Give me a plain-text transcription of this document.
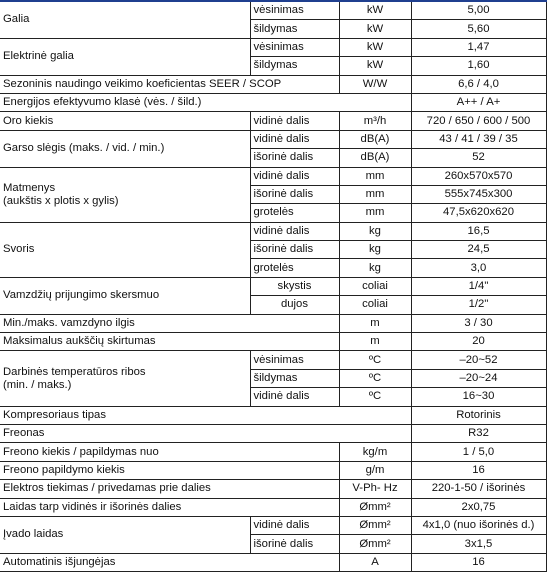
Galia	vėsinimas	kW	5,00
	šildymas	kW	5,60
Elektrinė galia	vėsinimas	kW	1,47
	šildymas	kW	1,60
Sezoninis naudingo veikimo koeficientas SEER / SCOP		W/W	6,6 / 4,0
Energijos efektyvumo klasė (vės. / šild.)			A++ / A+
Oro kiekis	vidinė dalis	m³/h	720 / 650 / 600 / 500
Garso slėgis (maks. / vid. / min.)	vidinė dalis	dB(A)	43 / 41 / 39 / 35
	išorinė dalis	dB(A)	52
Matmenys
(aukštis x plotis x gylis)	vidinė dalis	mm	260x570x570
	išorinė dalis	mm	555x745x300
	grotelės	mm	47,5x620x620
Svoris	vidinė dalis	kg	16,5
	išorinė dalis	kg	24,5
	grotelės	kg	3,0
Vamzdžių prijungimo skersmuo	skystis	coliai	1/4"
	dujos	coliai	1/2"
Min./maks. vamzdyno ilgis		m	3 / 30
Maksimalus aukščių skirtumas		m	20
Darbinės temperatūros ribos
(min. / maks.)	vėsinimas	ºC	–20~52
	šildymas	ºC	–20~24
	vidinė dalis	ºC	16~30
Kompresoriaus tipas			Rotorinis
Freonas			R32
Freono kiekis / papildymas nuo		kg/m	1 / 5,0
Freono papildymo kiekis		g/m	16
Elektros tiekimas / privedamas prie dalies		V-Ph- Hz	220-1-50 / išorinės
Laidas tarp vidinės ir išorinės dalies		Ømm²	2x0,75
Įvado laidas	vidinė dalis	Ømm²	4x1,0 (nuo išorinės d.)
	išorinė dalis	Ømm²	3x1,5
Automatinis išjungėjas		A	16
